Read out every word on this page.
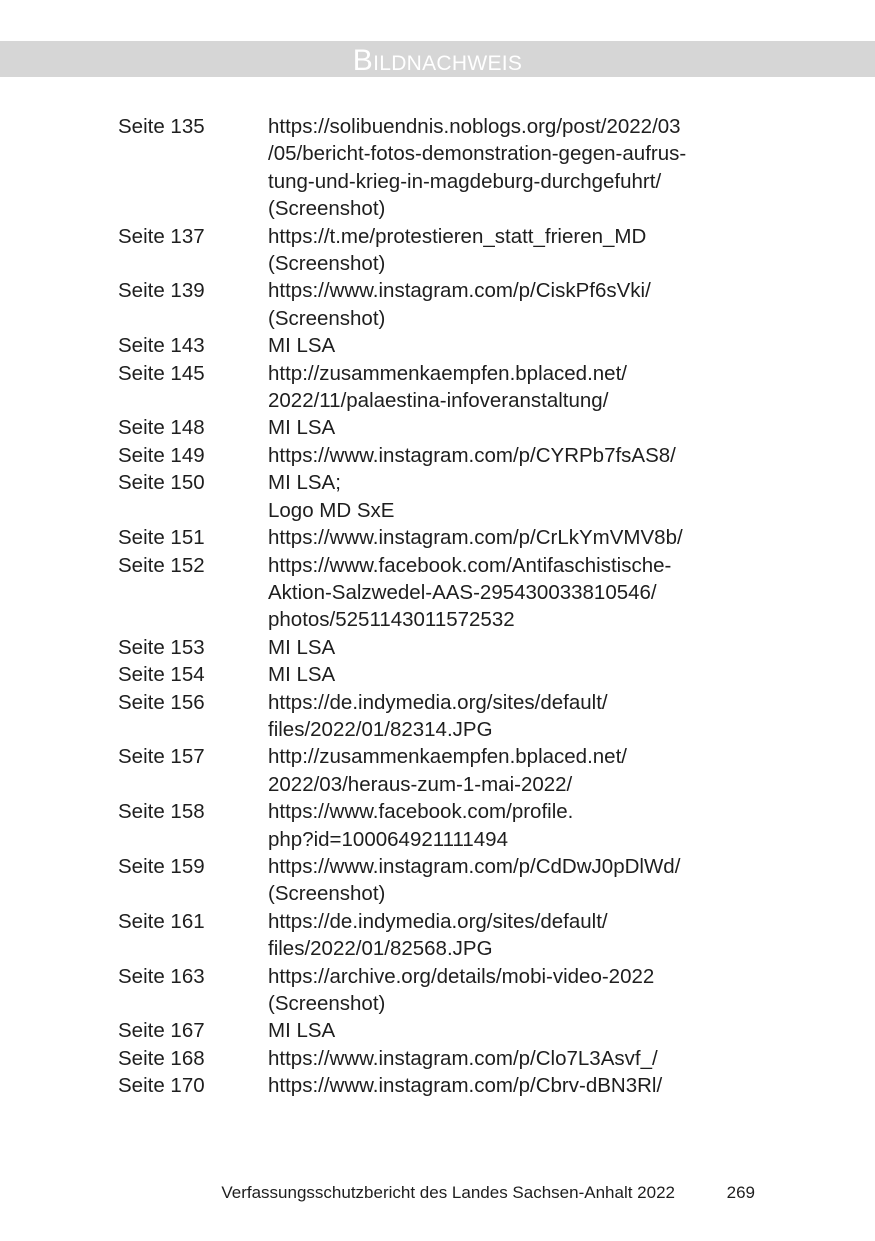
Bildnachweis
Seite 135	https://solibuendnis.noblogs.org/post/2022/03
/05/bericht-fotos-demonstration-gegen-aufrus-
tung-und-krieg-in-magdeburg-durchgefuhrt/
(Screenshot)
Seite 137	https://t.me/protestieren_statt_frieren_MD
(Screenshot)
Seite 139	https://www.instagram.com/p/CiskPf6sVki/
(Screenshot)
Seite 143	MI LSA
Seite 145	http://zusammenkaempfen.bplaced.net/
2022/11/palaestina-infoveranstaltung/
Seite 148	MI LSA
Seite 149	https://www.instagram.com/p/CYRPb7fsAS8/
Seite 150	MI LSA;
Logo MD SxE
Seite 151	https://www.instagram.com/p/CrLkYmVMV8b/
Seite 152	https://www.facebook.com/Antifaschistische-
Aktion-Salzwedel-AAS-295430033810546/
photos/5251143011572532
Seite 153	MI LSA
Seite 154	MI LSA
Seite 156	https://de.indymedia.org/sites/default/
files/2022/01/82314.JPG
Seite 157	http://zusammenkaempfen.bplaced.net/
2022/03/heraus-zum-1-mai-2022/
Seite 158	https://www.facebook.com/profile.
php?id=100064921111494
Seite 159	https://www.instagram.com/p/CdDwJ0pDlWd/
(Screenshot)
Seite 161	https://de.indymedia.org/sites/default/
files/2022/01/82568.JPG
Seite 163	https://archive.org/details/mobi-video-2022
(Screenshot)
Seite 167	MI LSA
Seite 168	https://www.instagram.com/p/Clo7L3Asvf_/
Seite 170	https://www.instagram.com/p/Cbrv-dBN3Rl/
Verfassungsschutzbericht des Landes Sachsen-Anhalt 2022	269
